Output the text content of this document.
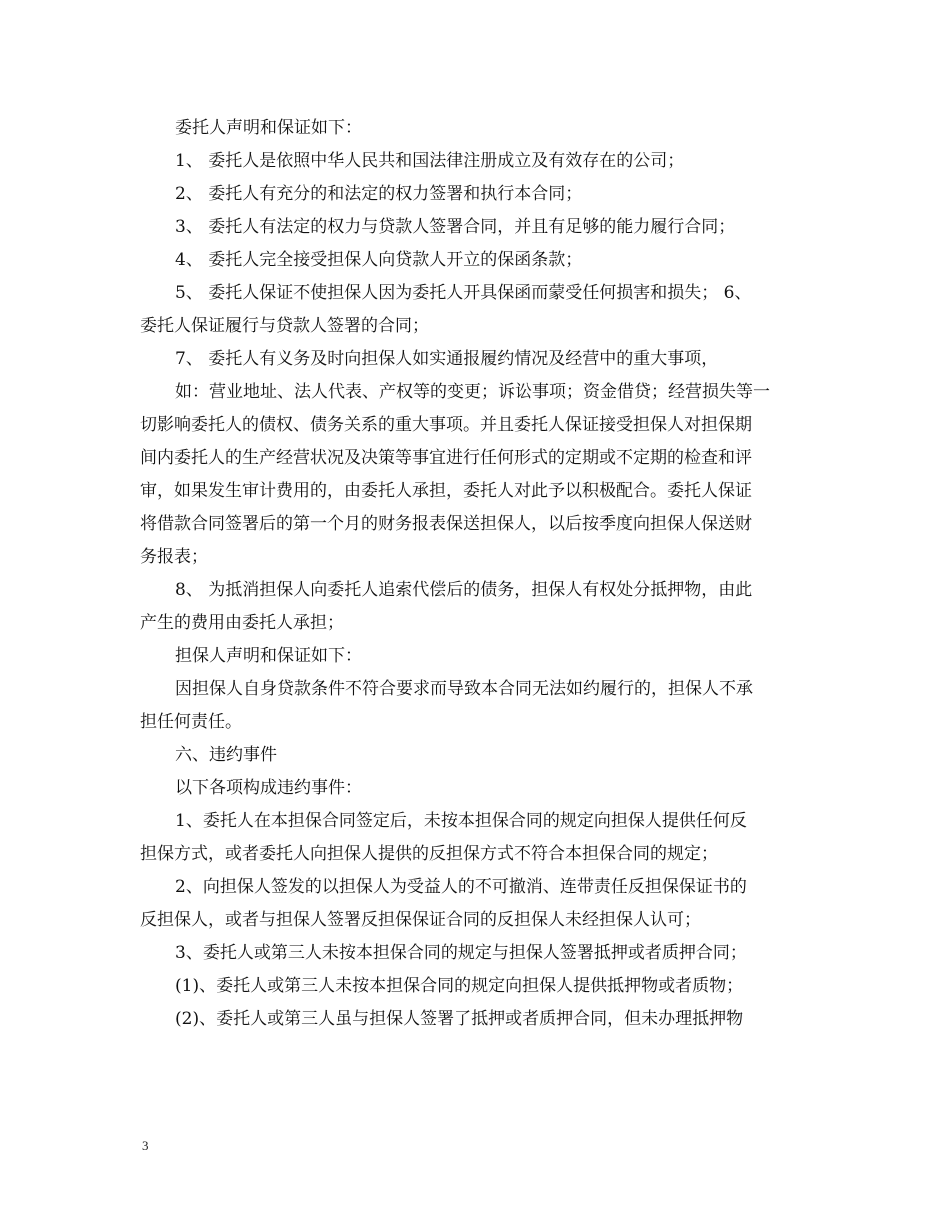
委托人声明和保证如下：
1、 委托人是依照中华人民共和国法律注册成立及有效存在的公司；
2、 委托人有充分的和法定的权力签署和执行本合同；
3、 委托人有法定的权力与贷款人签署合同，并且有足够的能力履行合同；
4、 委托人完全接受担保人向贷款人开立的保函条款；
5、 委托人保证不使担保人因为委托人开具保函而蒙受任何损害和损失； 6、
委托人保证履行与贷款人签署的合同；
7、 委托人有义务及时向担保人如实通报履约情况及经营中的重大事项，
如：营业地址、法人代表、产权等的变更；诉讼事项；资金借贷；经营损失等一
切影响委托人的债权、债务关系的重大事项。并且委托人保证接受担保人对担保期
间内委托人的生产经营状况及决策等事宜进行任何形式的定期或不定期的检查和评
审，如果发生审计费用的，由委托人承担，委托人对此予以积极配合。委托人保证
将借款合同签署后的第一个月的财务报表保送担保人，以后按季度向担保人保送财
务报表；
8、 为抵消担保人向委托人追索代偿后的债务，担保人有权处分抵押物，由此
产生的费用由委托人承担；
担保人声明和保证如下：
因担保人自身贷款条件不符合要求而导致本合同无法如约履行的，担保人不承
担任何责任。
六、违约事件
以下各项构成违约事件：
1、委托人在本担保合同签定后，未按本担保合同的规定向担保人提供任何反
担保方式，或者委托人向担保人提供的反担保方式不符合本担保合同的规定；
2、向担保人签发的以担保人为受益人的不可撤消、连带责任反担保保证书的
反担保人，或者与担保人签署反担保保证合同的反担保人未经担保人认可；
3、委托人或第三人未按本担保合同的规定与担保人签署抵押或者质押合同；
(1)、委托人或第三人未按本担保合同的规定向担保人提供抵押物或者质物；
(2)、委托人或第三人虽与担保人签署了抵押或者质押合同，但未办理抵押物
3
